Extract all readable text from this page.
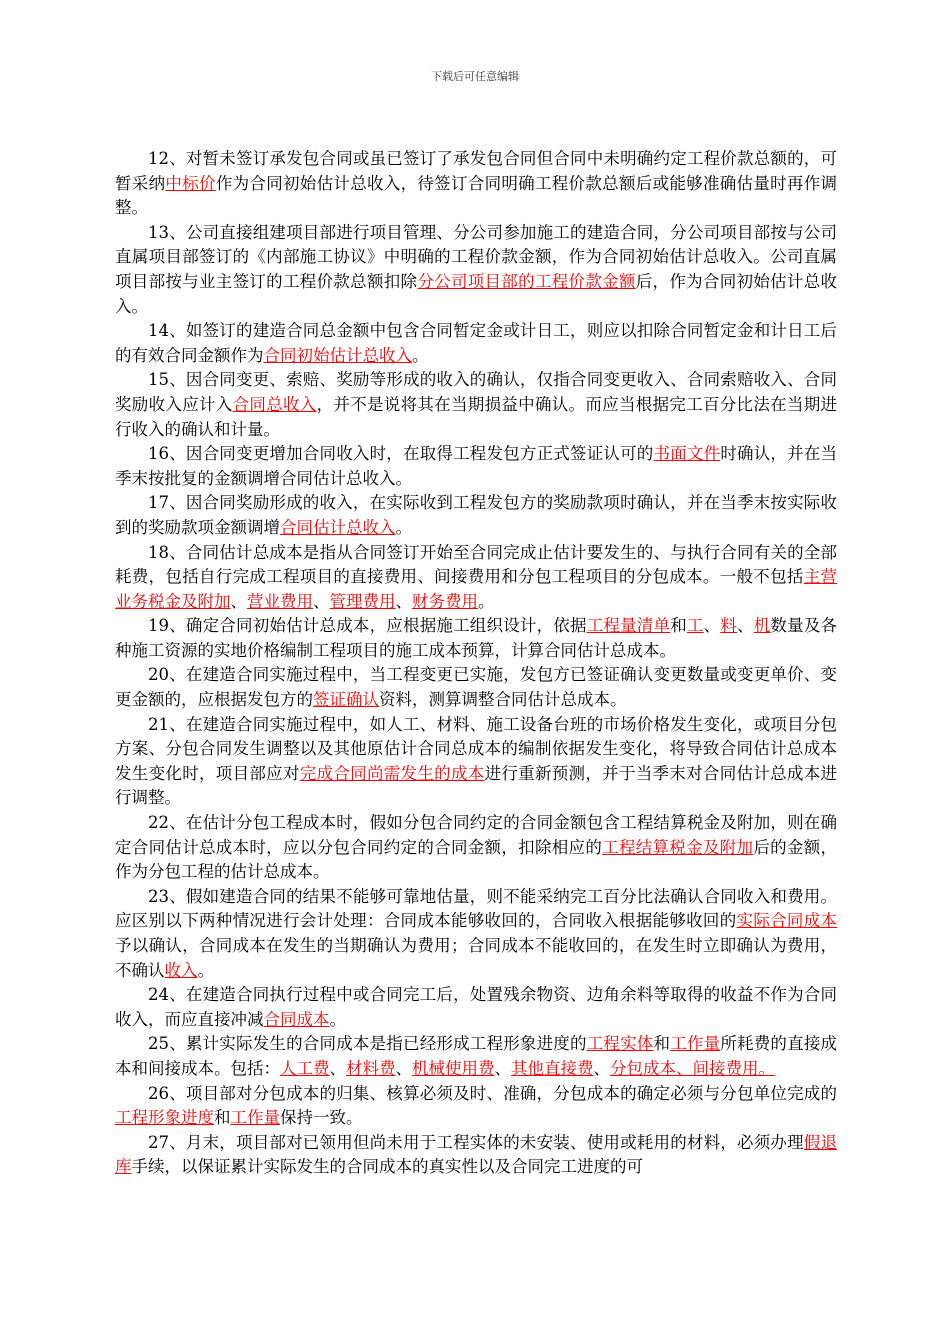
下载后可任意编辑

12、对暂未签订承发包合同或虽已签订了承发包合同但合同中未明确约定工程价款总额的，可暂采纳中标价作为合同初始估计总收入，待签订合同明确工程价款总额后或能够准确估量时再作调整。

13、公司直接组建项目部进行项目管理、分公司参加施工的建造合同，分公司项目部按与公司直属项目部签订的《内部施工协议》中明确的工程价款金额，作为合同初始估计总收入。公司直属项目部按与业主签订的工程价款总额扣除分公司项目部的工程价款金额后，作为合同初始估计总收入。

14、如签订的建造合同总金额中包含合同暂定金或计日工，则应以扣除合同暂定金和计日工后的有效合同金额作为合同初始估计总收入。

15、因合同变更、索赔、奖励等形成的收入的确认，仅指合同变更收入、合同索赔收入、合同奖励收入应计入合同总收入，并不是说将其在当期损益中确认。而应当根据完工百分比法在当期进行收入的确认和计量。

16、因合同变更增加合同收入时，在取得工程发包方正式签证认可的书面文件时确认，并在当季末按批复的金额调增合同估计总收入。

17、因合同奖励形成的收入，在实际收到工程发包方的奖励款项时确认，并在当季末按实际收到的奖励款项金额调增合同估计总收入。

18、合同估计总成本是指从合同签订开始至合同完成止估计要发生的、与执行合同有关的全部耗费，包括自行完成工程项目的直接费用、间接费用和分包工程项目的分包成本。一般不包括主营业务税金及附加、营业费用、管理费用、财务费用。

19、确定合同初始估计总成本，应根据施工组织设计，依据工程量清单和工、料、机数量及各种施工资源的实地价格编制工程项目的施工成本预算，计算合同估计总成本。

20、在建造合同实施过程中，当工程变更已实施，发包方已签证确认变更数量或变更单价、变更金额的，应根据发包方的签证确认资料，测算调整合同估计总成本。

21、在建造合同实施过程中，如人工、材料、施工设备台班的市场价格发生变化，或项目分包方案、分包合同发生调整以及其他原估计合同总成本的编制依据发生变化，将导致合同估计总成本发生变化时，项目部应对完成合同尚需发生的成本进行重新预测，并于当季末对合同估计总成本进行调整。

22、在估计分包工程成本时，假如分包合同约定的合同金额包含工程结算税金及附加，则在确定合同估计总成本时，应以分包合同约定的合同金额，扣除相应的工程结算税金及附加后的金额，作为分包工程的估计总成本。

23、假如建造合同的结果不能够可靠地估量，则不能采纳完工百分比法确认合同收入和费用。应区别以下两种情况进行会计处理：合同成本能够收回的，合同收入根据能够收回的实际合同成本予以确认，合同成本在发生的当期确认为费用；合同成本不能收回的，在发生时立即确认为费用，不确认收入。

24、在建造合同执行过程中或合同完工后，处置残余物资、边角余料等取得的收益不作为合同收入，而应直接冲减合同成本。

25、累计实际发生的合同成本是指已经形成工程形象进度的工程实体和工作量所耗费的直接成本和间接成本。包括：人工费、材料费、机械使用费、其他直接费、分包成本、间接费用。

26、项目部对分包成本的归集、核算必须及时、准确，分包成本的确定必须与分包单位完成的工程形象进度和工作量保持一致。

27、月末，项目部对已领用但尚未用于工程实体的未安装、使用或耗用的材料，必须办理假退库手续，以保证累计实际发生的合同成本的真实性以及合同完工进度的可
